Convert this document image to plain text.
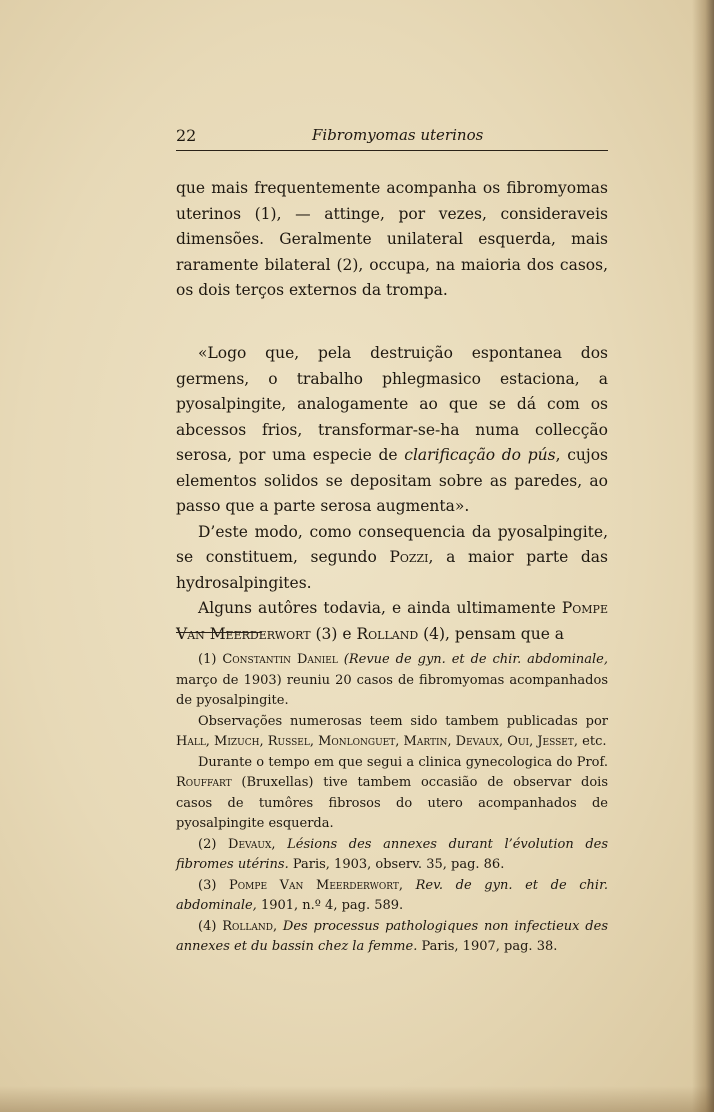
22	Fibromyomas uterinos

que mais frequentemente acompanha os fibromyomas uterinos (1), — attinge, por vezes, consideraveis dimensões. Geralmente unilateral esquerda, mais raramente bilateral (2), occupa, na maioria dos casos, os dois terços externos da trompa.

«Logo que, pela destruição espontanea dos germens, o trabalho phlegmasico estaciona, a pyosalpingite, analogamente ao que se dá com os abcessos frios, transformar-se-ha numa collecção serosa, por uma especie de clarificação do pús, cujos elementos solidos se depositam sobre as paredes, ao passo que a parte serosa augmenta».

D’este modo, como consequencia da pyosalpingite, se constituem, segundo Pozzi, a maior parte das hydrosalpingites.

Alguns autôres todavia, e ainda ultimamente Pompe Van Meerderwort (3) e Rolland (4), pensam que a

(1) Constantin Daniel (Revue de gyn. et de chir. abdominale, março de 1903) reuniu 20 casos de fibromyomas acompanhados de pyosalpingite.

Observações numerosas teem sido tambem publicadas por Hall, Mizuch, Russel, Monlonguet, Martin, Devaux, Oui, Jesset, etc.

Durante o tempo em que segui a clinica gynecologica do Prof. Rouffart (Bruxellas) tive tambem occasião de observar dois casos de tumôres fibrosos do utero acompanhados de pyosalpingite esquerda.

(2) Devaux, Lésions des annexes durant l’évolution des fibromes utérins. Paris, 1903, observ. 35, pag. 86.

(3) Pompe Van Meerderwort, Rev. de gyn. et de chir. abdominale, 1901, n.º 4, pag. 589.

(4) Rolland, Des processus pathologiques non infectieux des annexes et du bassin chez la femme. Paris, 1907, pag. 38.
